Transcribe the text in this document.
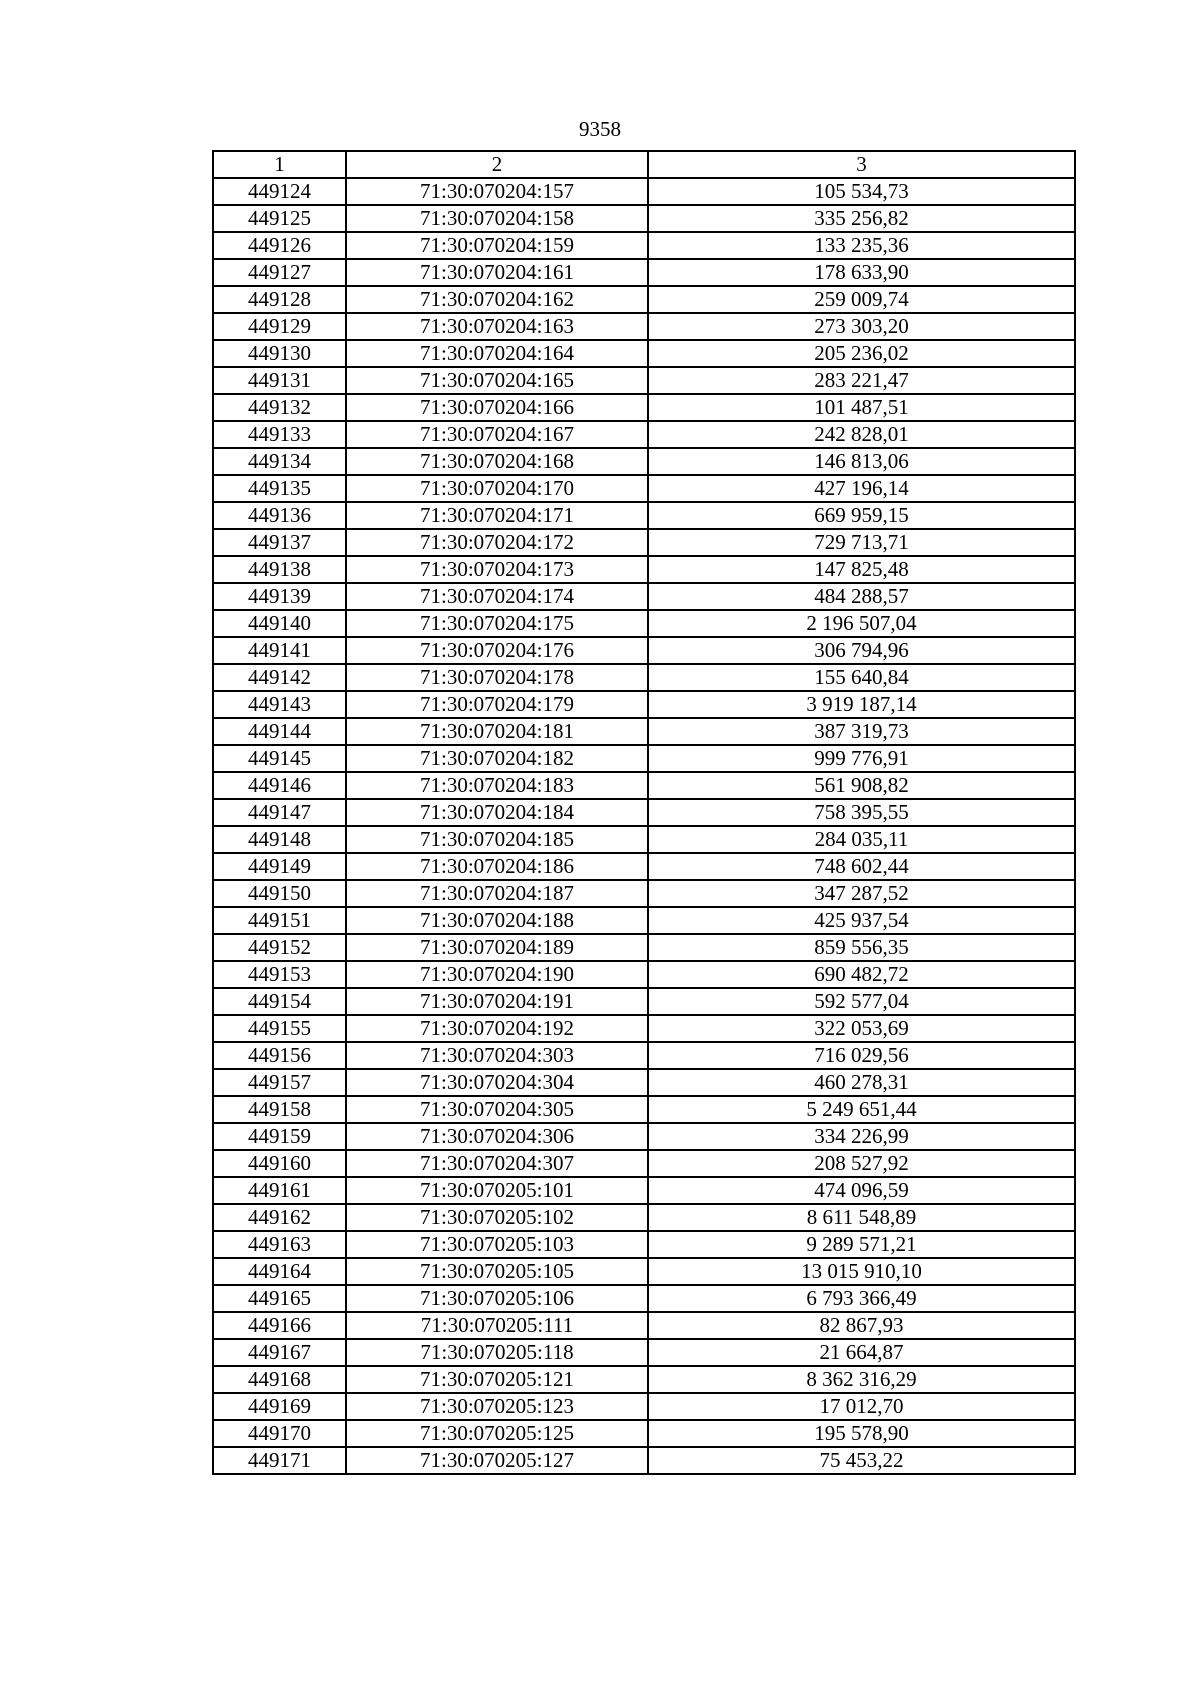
9358
1	2	3
449124	71:30:070204:157	105 534,73
449125	71:30:070204:158	335 256,82
449126	71:30:070204:159	133 235,36
449127	71:30:070204:161	178 633,90
449128	71:30:070204:162	259 009,74
449129	71:30:070204:163	273 303,20
449130	71:30:070204:164	205 236,02
449131	71:30:070204:165	283 221,47
449132	71:30:070204:166	101 487,51
449133	71:30:070204:167	242 828,01
449134	71:30:070204:168	146 813,06
449135	71:30:070204:170	427 196,14
449136	71:30:070204:171	669 959,15
449137	71:30:070204:172	729 713,71
449138	71:30:070204:173	147 825,48
449139	71:30:070204:174	484 288,57
449140	71:30:070204:175	2 196 507,04
449141	71:30:070204:176	306 794,96
449142	71:30:070204:178	155 640,84
449143	71:30:070204:179	3 919 187,14
449144	71:30:070204:181	387 319,73
449145	71:30:070204:182	999 776,91
449146	71:30:070204:183	561 908,82
449147	71:30:070204:184	758 395,55
449148	71:30:070204:185	284 035,11
449149	71:30:070204:186	748 602,44
449150	71:30:070204:187	347 287,52
449151	71:30:070204:188	425 937,54
449152	71:30:070204:189	859 556,35
449153	71:30:070204:190	690 482,72
449154	71:30:070204:191	592 577,04
449155	71:30:070204:192	322 053,69
449156	71:30:070204:303	716 029,56
449157	71:30:070204:304	460 278,31
449158	71:30:070204:305	5 249 651,44
449159	71:30:070204:306	334 226,99
449160	71:30:070204:307	208 527,92
449161	71:30:070205:101	474 096,59
449162	71:30:070205:102	8 611 548,89
449163	71:30:070205:103	9 289 571,21
449164	71:30:070205:105	13 015 910,10
449165	71:30:070205:106	6 793 366,49
449166	71:30:070205:111	82 867,93
449167	71:30:070205:118	21 664,87
449168	71:30:070205:121	8 362 316,29
449169	71:30:070205:123	17 012,70
449170	71:30:070205:125	195 578,90
449171	71:30:070205:127	75 453,22
